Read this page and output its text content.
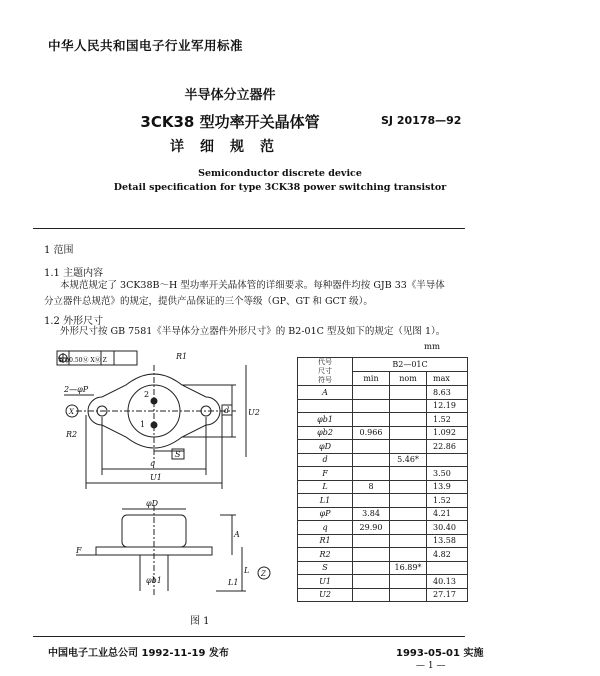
中华人民共和国电子行业军用标准
半导体分立器件
3CK38 型功率开关晶体管
详细规范
SJ 20178—92
Semiconductor discrete device
Detail specification for type 3CK38 power switching transistor
1 范围
1.1 主题内容
本规范规定了 3CK38B～H 型功率开关晶体管的详细要求。每种器件均按 GJB 33《半导体
分立器件总规范》的规定，提供产品保证的三个等级（GP、GT 和 GCT 级）。
1.2 外形尺寸
外形尺寸按 GB 7581《半导体分立器件外形尺寸》的 B2-01C 型及如下的规定（见图 1）。
mm
⊕ φ0.50Ⓜ XⓂ Z	R1
2—φP
X
R2
2
1
S
q
U1
U2
d
φD
A
F
L
L1
Z
φb1
图 1
代号
尺寸
符号	B2—01C		
	min	nom	max
A			8.63
			12.19
φb1			1.52
φb2	0.966		1.092
φD			22.86
d		5.46*	
F			3.50
L	8		13.9
L1			1.52
φP	3.84		4.21
q	29.90		30.40
R1			13.58
R2			4.82
S		16.89*	
U1			40.13
U2			27.17
中国电子工业总公司 1992-11-19 发布	1993-05-01 实施
— 1 —
